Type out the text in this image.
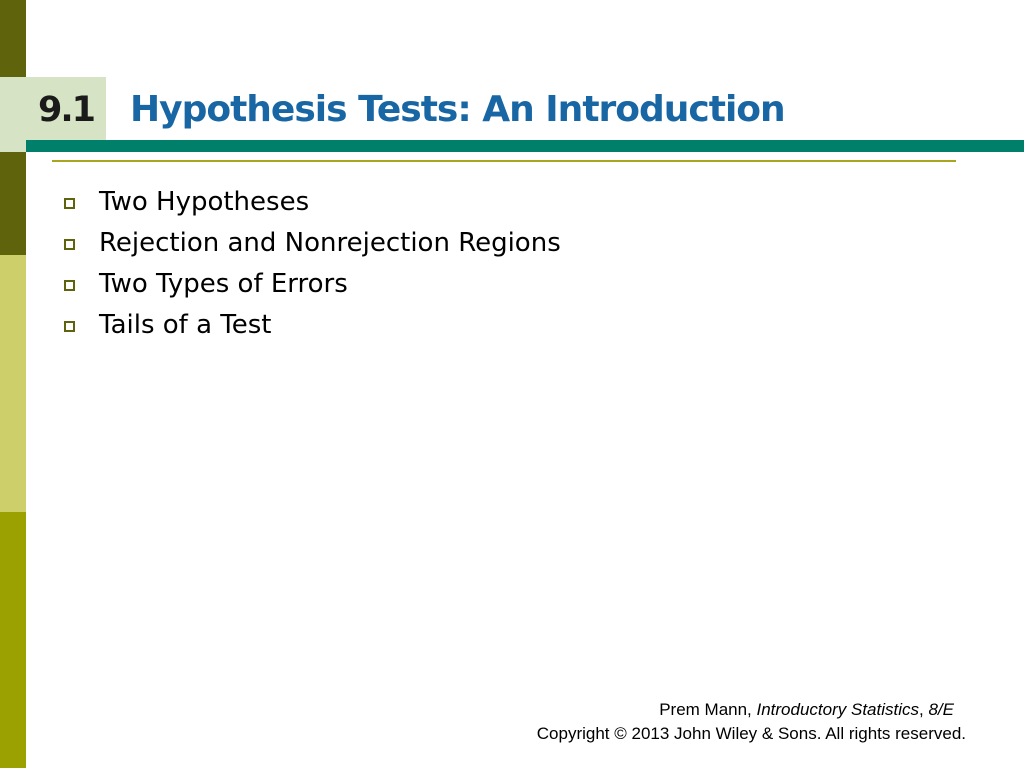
9.1 Hypothesis Tests: An Introduction
Two Hypotheses
Rejection and Nonrejection Regions
Two Types of Errors
Tails of a Test
Prem Mann, Introductory Statistics, 8/E
Copyright © 2013 John Wiley & Sons. All rights reserved.
